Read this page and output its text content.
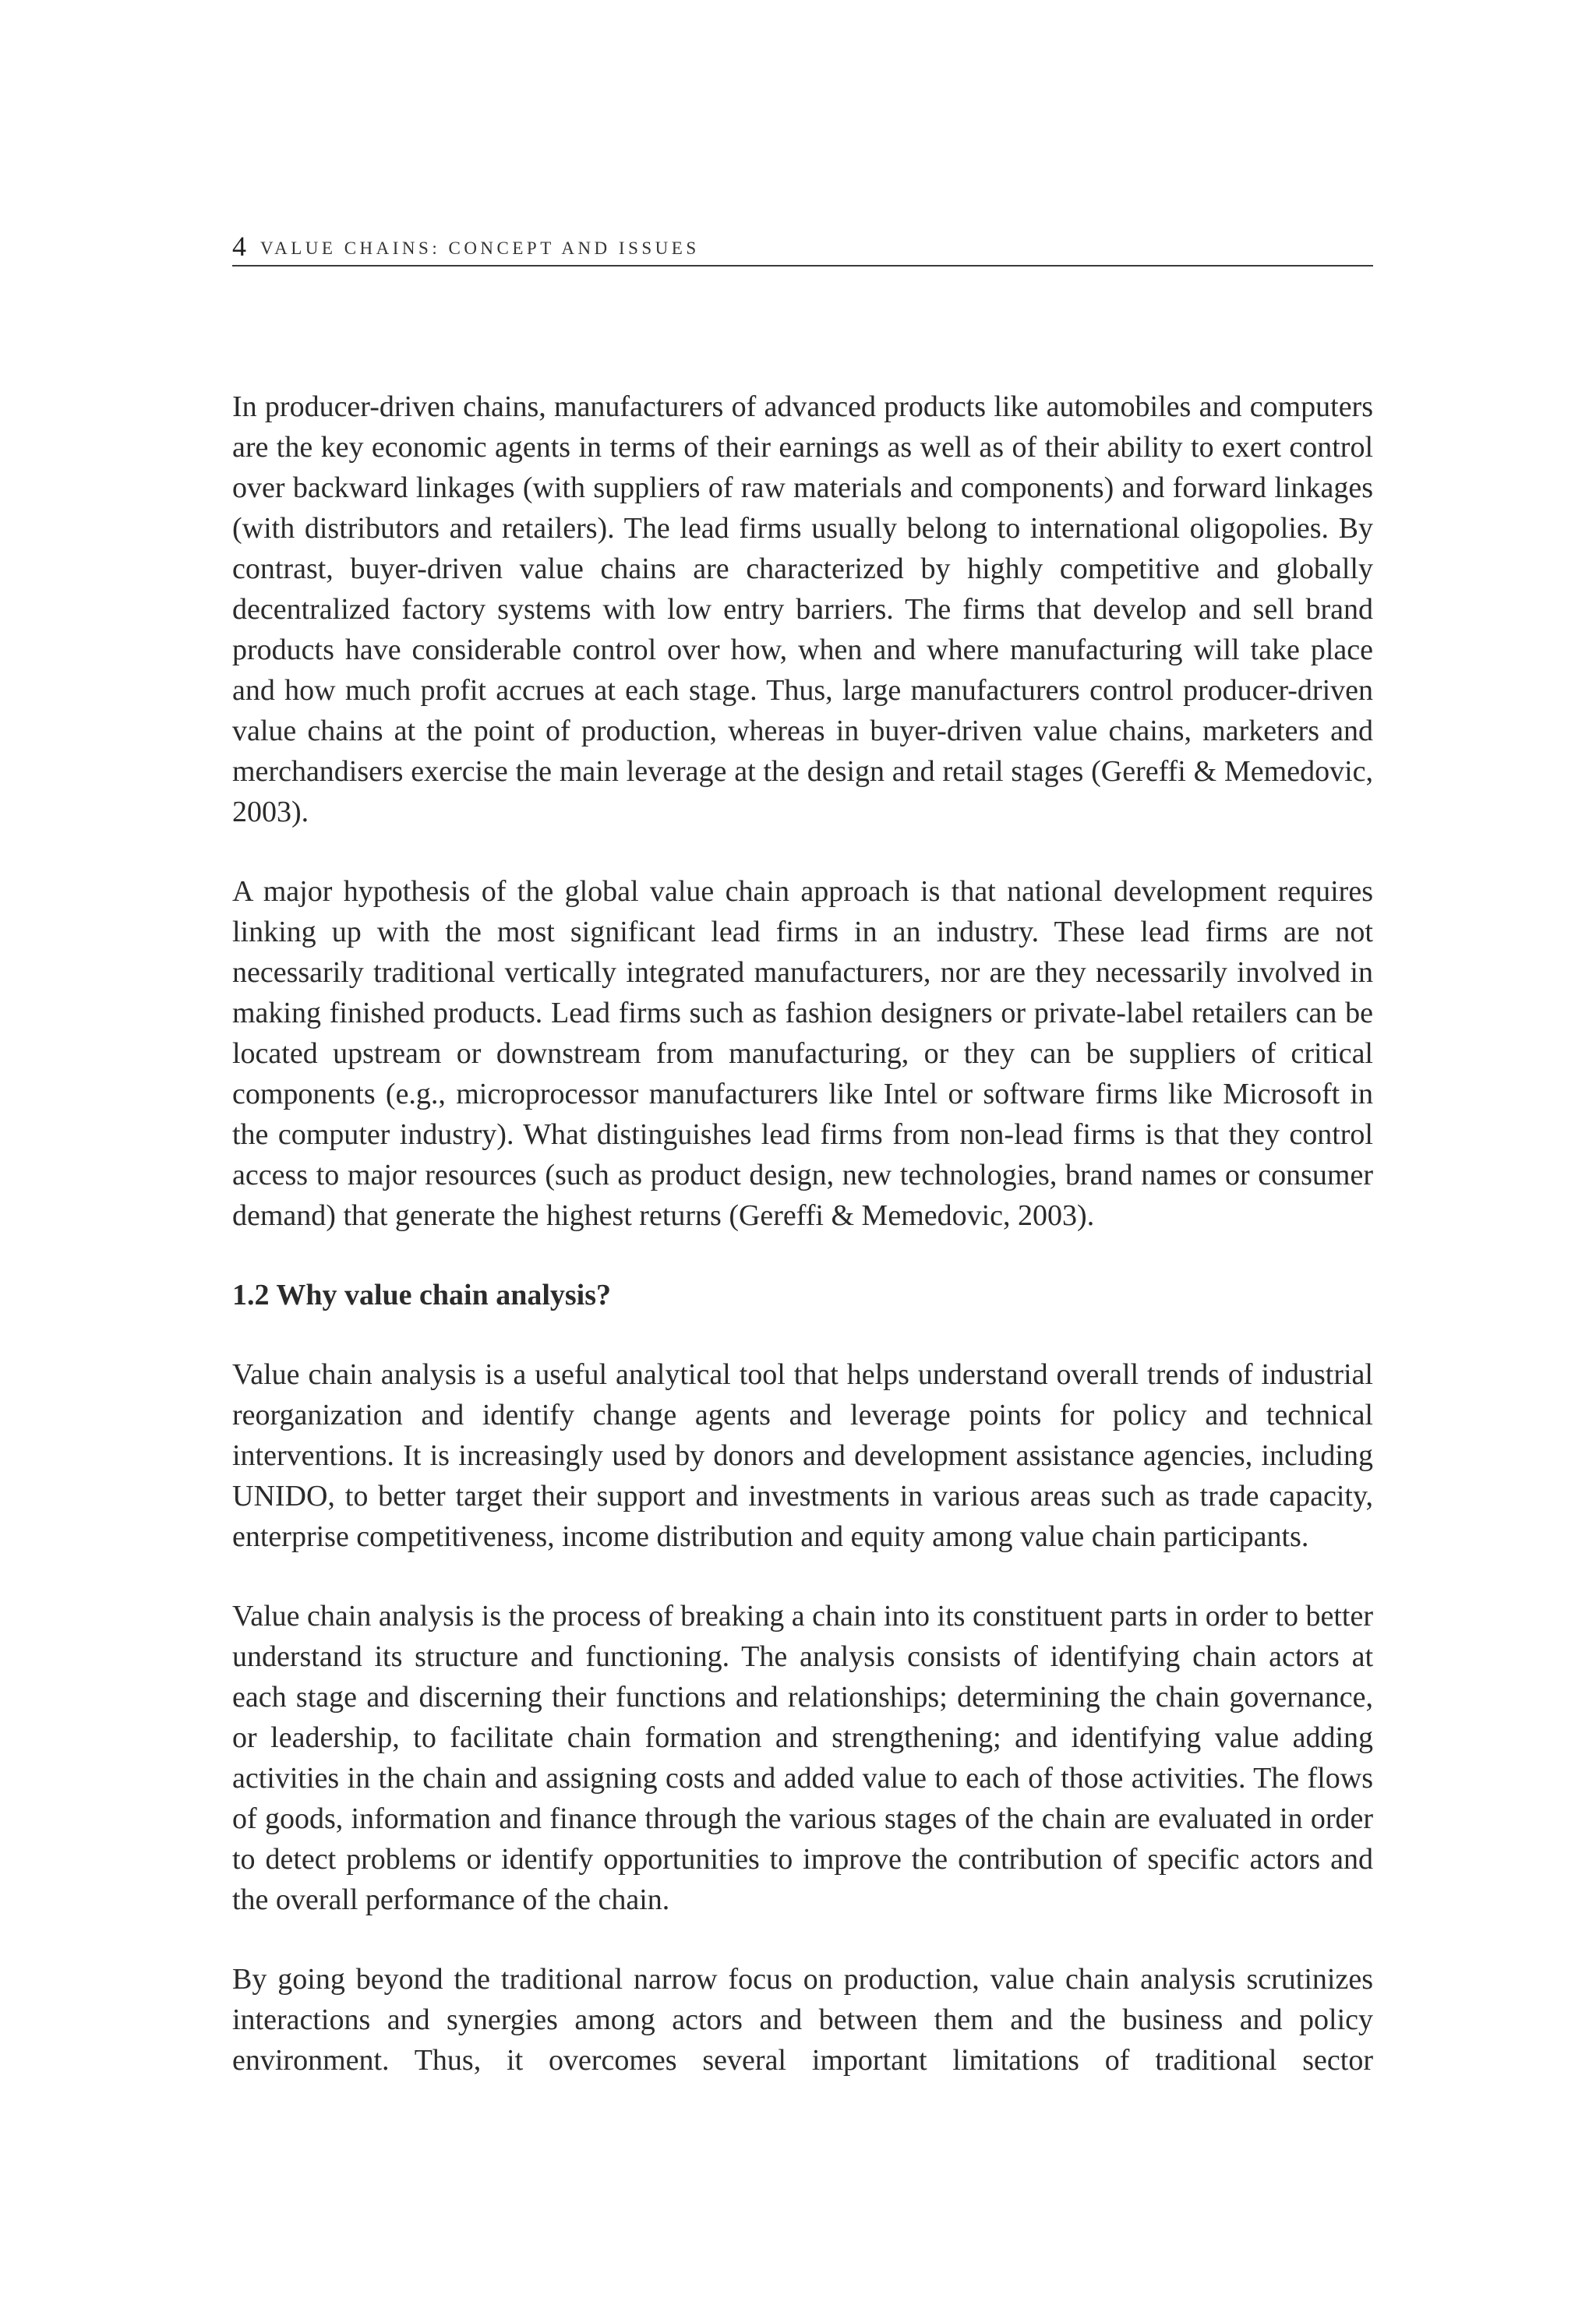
4 VALUE CHAINS: CONCEPT AND ISSUES

In producer-driven chains, manufacturers of advanced products like automobiles and computers are the key economic agents in terms of their earnings as well as of their ability to exert control over backward linkages (with suppliers of raw materials and components) and forward linkages (with distributors and retailers). The lead firms usually belong to international oligopolies. By contrast, buyer-driven value chains are characterized by highly competitive and globally decentralized factory systems with low entry barriers. The firms that develop and sell brand products have considerable control over how, when and where manufacturing will take place and how much profit accrues at each stage. Thus, large manufacturers control producer-driven value chains at the point of production, whereas in buyer-driven value chains, marketers and merchandisers exercise the main leverage at the design and retail stages (Gereffi & Memedovic, 2003).

A major hypothesis of the global value chain approach is that national development requires linking up with the most significant lead firms in an industry. These lead firms are not necessarily traditional vertically integrated manufacturers, nor are they necessarily involved in making finished products. Lead firms such as fashion designers or private-label retailers can be located upstream or downstream from manufacturing, or they can be suppliers of critical components (e.g., microprocessor manufacturers like Intel or software firms like Microsoft in the computer industry). What distinguishes lead firms from non-lead firms is that they control access to major resources (such as product design, new technologies, brand names or consumer demand) that generate the highest returns (Gereffi & Memedovic, 2003).

1.2 Why value chain analysis?

Value chain analysis is a useful analytical tool that helps understand overall trends of industrial reorganization and identify change agents and leverage points for policy and technical interventions. It is increasingly used by donors and development assistance agencies, including UNIDO, to better target their support and investments in various areas such as trade capacity, enterprise competitiveness, income distribution and equity among value chain participants.

Value chain analysis is the process of breaking a chain into its constituent parts in order to better understand its structure and functioning. The analysis consists of identifying chain actors at each stage and discerning their functions and relationships; determining the chain governance, or leadership, to facilitate chain formation and strengthening; and identifying value adding activities in the chain and assigning costs and added value to each of those activities. The flows of goods, information and finance through the various stages of the chain are evaluated in order to detect problems or identify opportunities to improve the contribution of specific actors and the overall performance of the chain.

By going beyond the traditional narrow focus on production, value chain analysis scrutinizes interactions and synergies among actors and between them and the business and policy environment. Thus, it overcomes several important limitations of traditional sector
